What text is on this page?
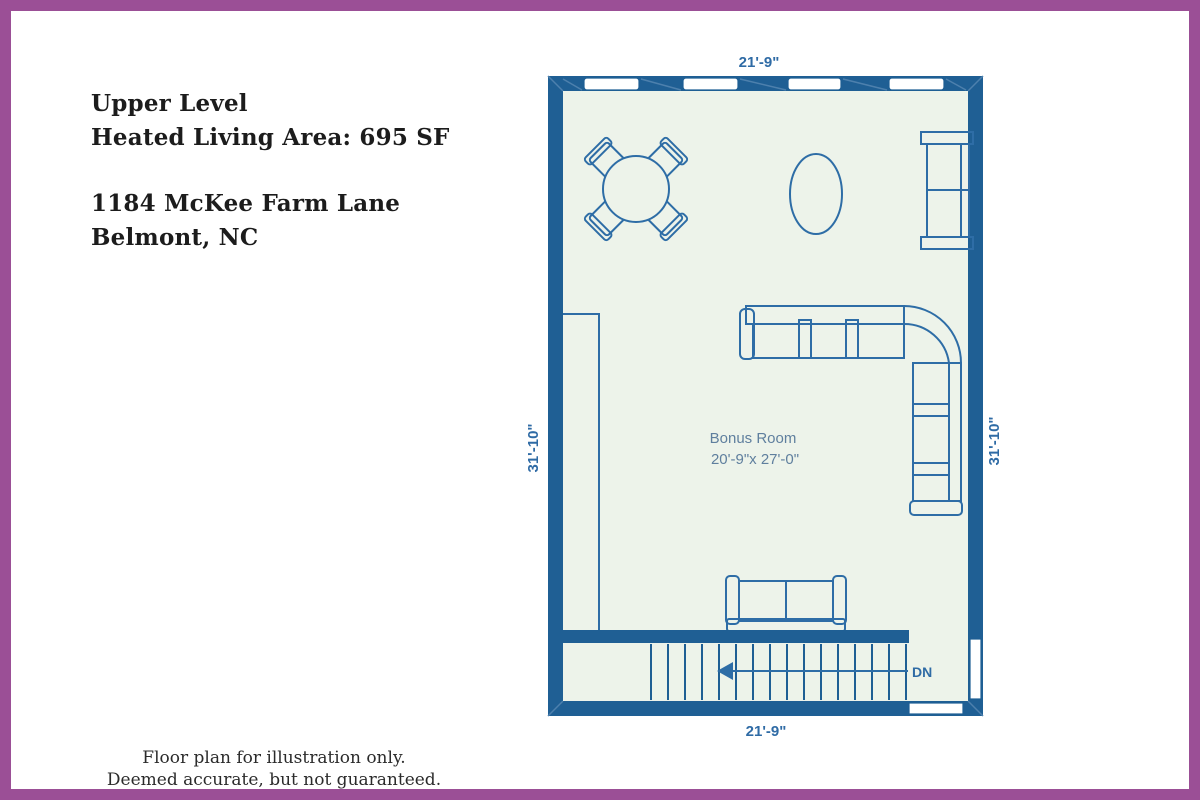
Upper Level
Heated Living Area: 695 SF
1184 McKee Farm Lane
Belmont, NC
DN
21'-9"
21'-9"
31'-10"	31'-10"
Bonus Room
20'-9"x 27'-0"
Floor plan for illustration only.
Deemed accurate, but not guaranteed.
